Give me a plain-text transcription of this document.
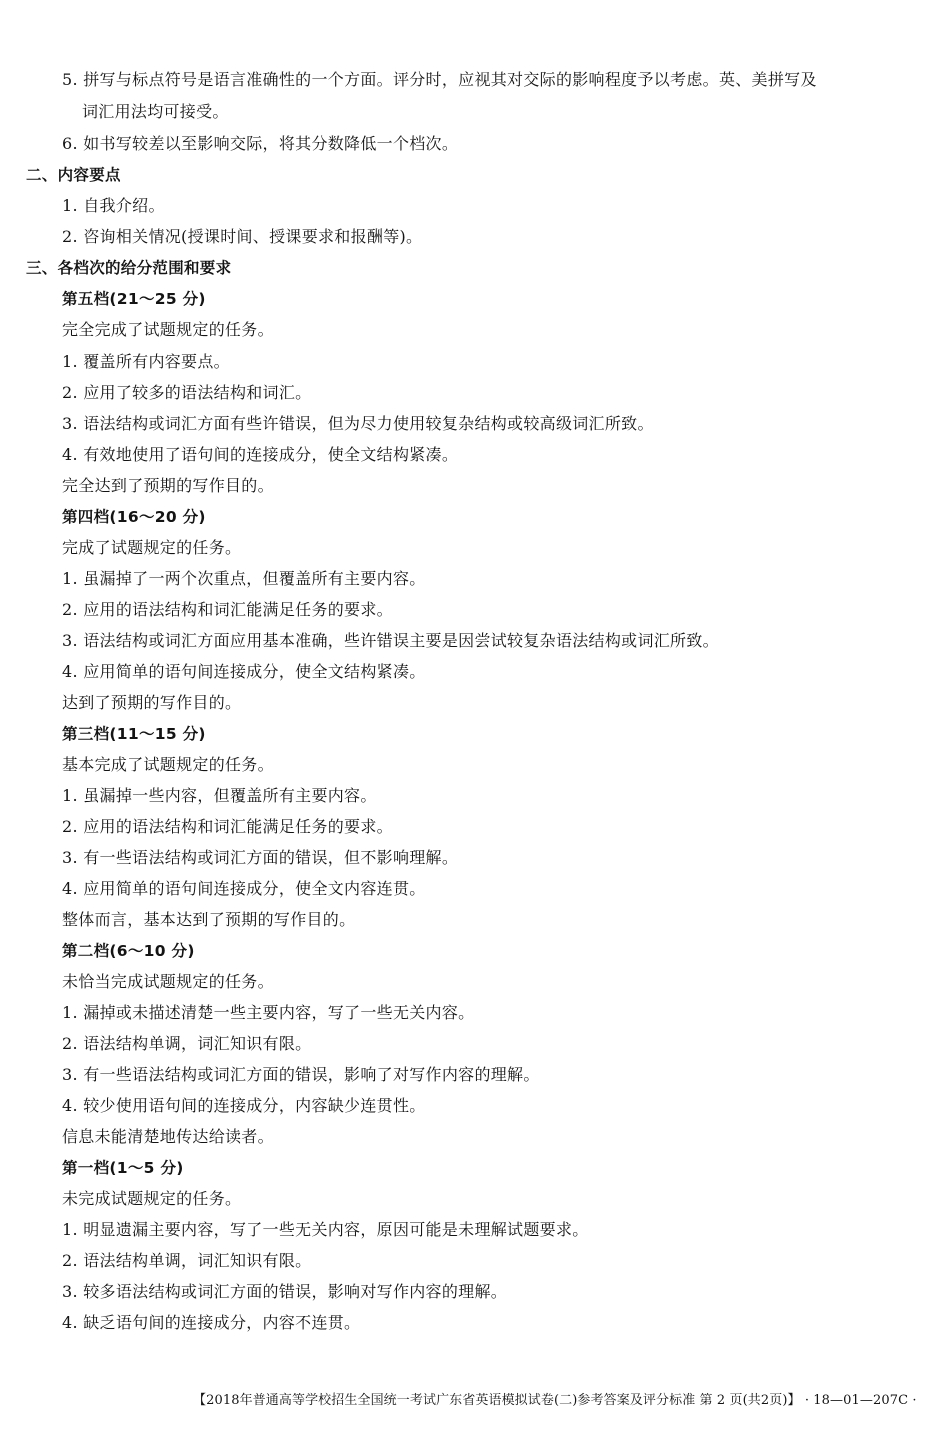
5. 拼写与标点符号是语言准确性的一个方面。评分时，应视其对交际的影响程度予以考虑。英、美拼写及
词汇用法均可接受。
6. 如书写较差以至影响交际，将其分数降低一个档次。
二、内容要点
1. 自我介绍。
2. 咨询相关情况(授课时间、授课要求和报酬等)。
三、各档次的给分范围和要求
第五档(21～25 分)
完全完成了试题规定的任务。
1. 覆盖所有内容要点。
2. 应用了较多的语法结构和词汇。
3. 语法结构或词汇方面有些许错误，但为尽力使用较复杂结构或较高级词汇所致。
4. 有效地使用了语句间的连接成分，使全文结构紧凑。
完全达到了预期的写作目的。
第四档(16～20 分)
完成了试题规定的任务。
1. 虽漏掉了一两个次重点，但覆盖所有主要内容。
2. 应用的语法结构和词汇能满足任务的要求。
3. 语法结构或词汇方面应用基本准确，些许错误主要是因尝试较复杂语法结构或词汇所致。
4. 应用简单的语句间连接成分，使全文结构紧凑。
达到了预期的写作目的。
第三档(11～15 分)
基本完成了试题规定的任务。
1. 虽漏掉一些内容，但覆盖所有主要内容。
2. 应用的语法结构和词汇能满足任务的要求。
3. 有一些语法结构或词汇方面的错误，但不影响理解。
4. 应用简单的语句间连接成分，使全文内容连贯。
整体而言，基本达到了预期的写作目的。
第二档(6～10 分)
未恰当完成试题规定的任务。
1. 漏掉或未描述清楚一些主要内容，写了一些无关内容。
2. 语法结构单调，词汇知识有限。
3. 有一些语法结构或词汇方面的错误，影响了对写作内容的理解。
4. 较少使用语句间的连接成分，内容缺少连贯性。
信息未能清楚地传达给读者。
第一档(1～5 分)
未完成试题规定的任务。
1. 明显遗漏主要内容，写了一些无关内容，原因可能是未理解试题要求。
2. 语法结构单调，词汇知识有限。
3. 较多语法结构或词汇方面的错误，影响对写作内容的理解。
4. 缺乏语句间的连接成分，内容不连贯。
【2018年普通高等学校招生全国统一考试广东省英语模拟试卷(二)参考答案及评分标准 第 2 页(共2页)】 · 18—01—207C ·
